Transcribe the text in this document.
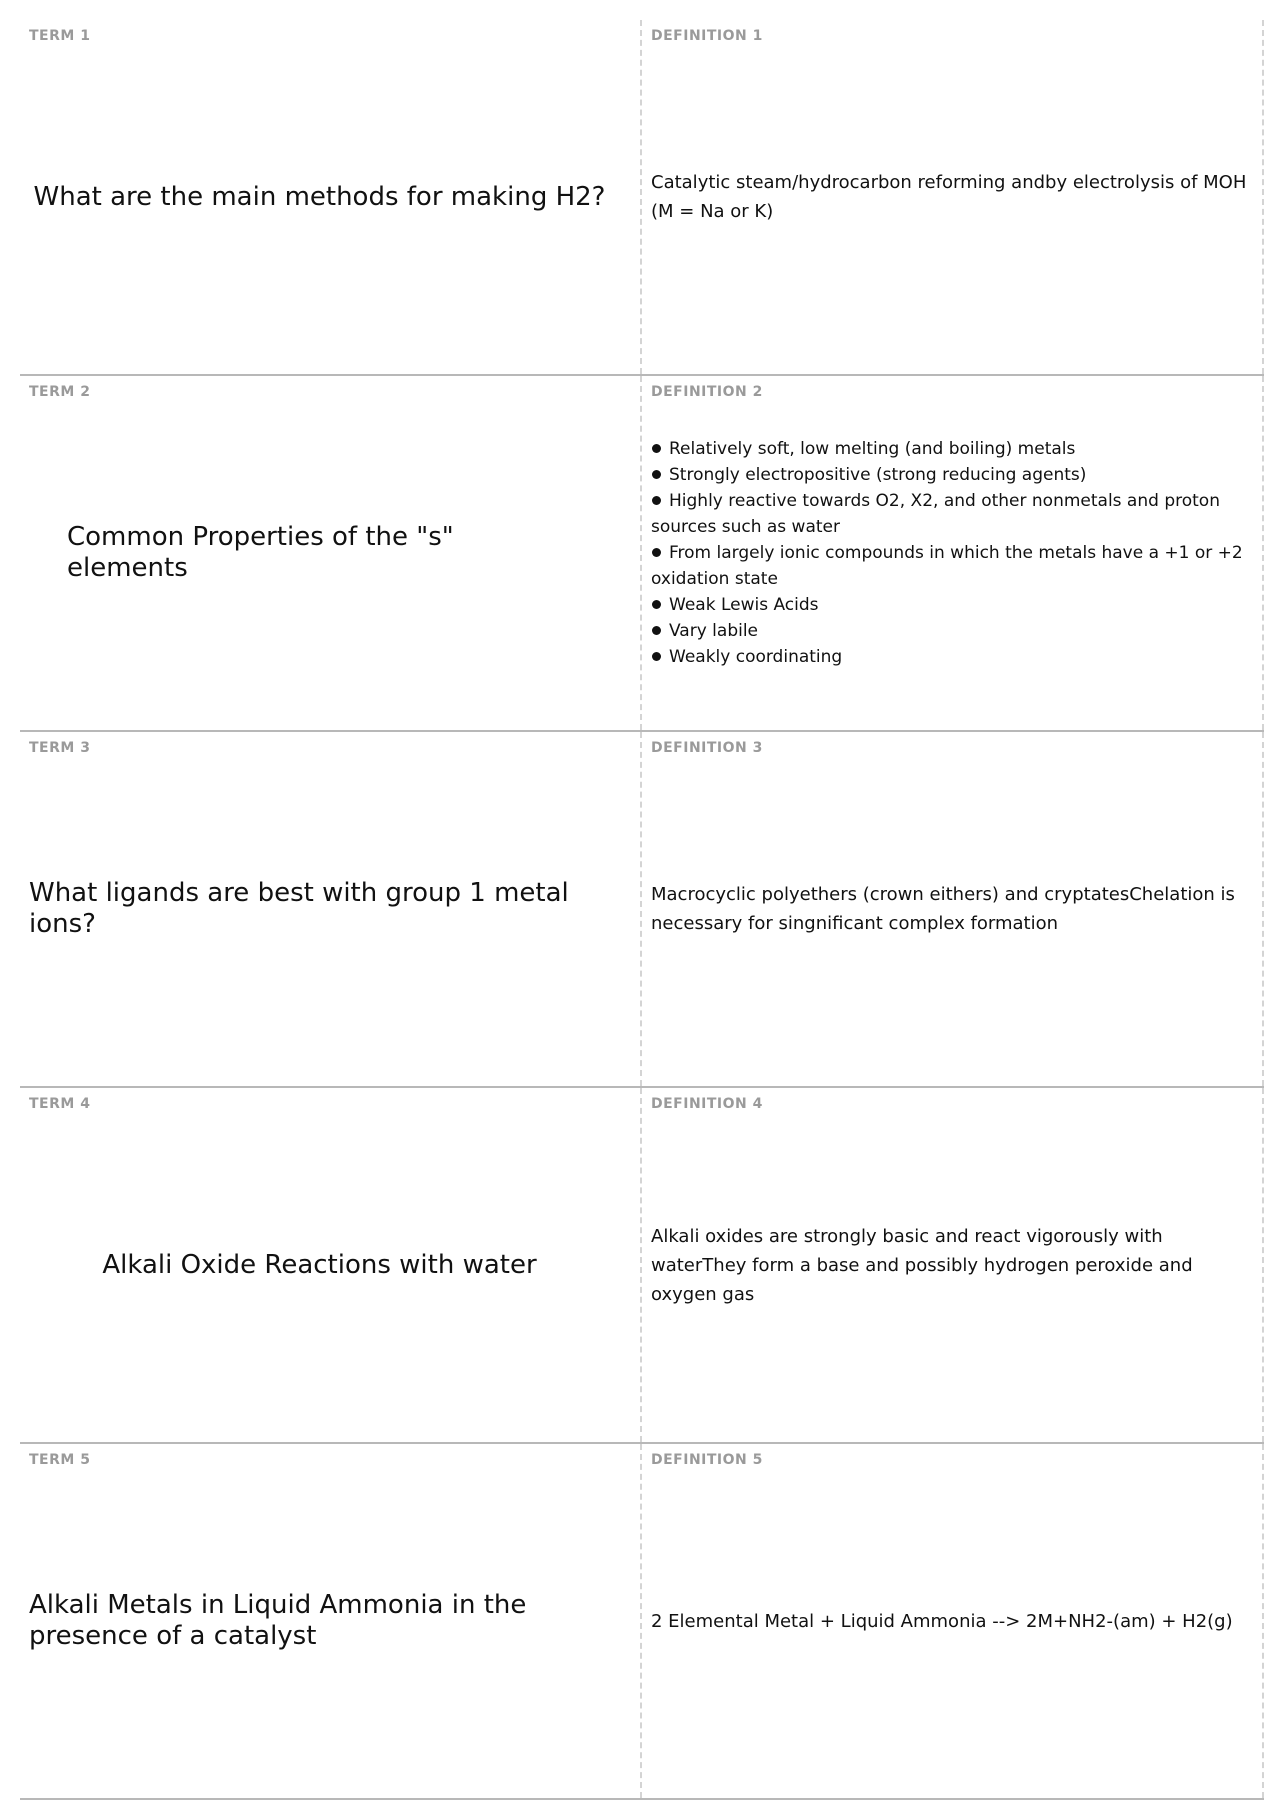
TERM 1
What are the main methods for making H2?
DEFINITION 1
Catalytic steam/hydrocarbon reforming andby electrolysis of MOH (M = Na or K)
TERM 2
Common Properties of the "s" elements
DEFINITION 2
Relatively soft, low melting (and boiling) metals
Strongly electropositive (strong reducing agents)
Highly reactive towards O2, X2, and other nonmetals and proton sources such as water
From largely ionic compounds in which the metals have a +1 or +2 oxidation state
Weak Lewis Acids
Vary labile
Weakly coordinating
TERM 3
What ligands are best with group 1 metal ions?
DEFINITION 3
Macrocyclic polyethers (crown eithers) and cryptatesChelation is necessary for singnificant complex formation
TERM 4
Alkali Oxide Reactions with water
DEFINITION 4
Alkali oxides are strongly basic and react vigorously with waterThey form a base and possibly hydrogen peroxide and oxygen gas
TERM 5
Alkali Metals in Liquid Ammonia in the presence of a catalyst
DEFINITION 5
2 Elemental Metal + Liquid Ammonia --> 2M+NH2-(am) + H2(g)
